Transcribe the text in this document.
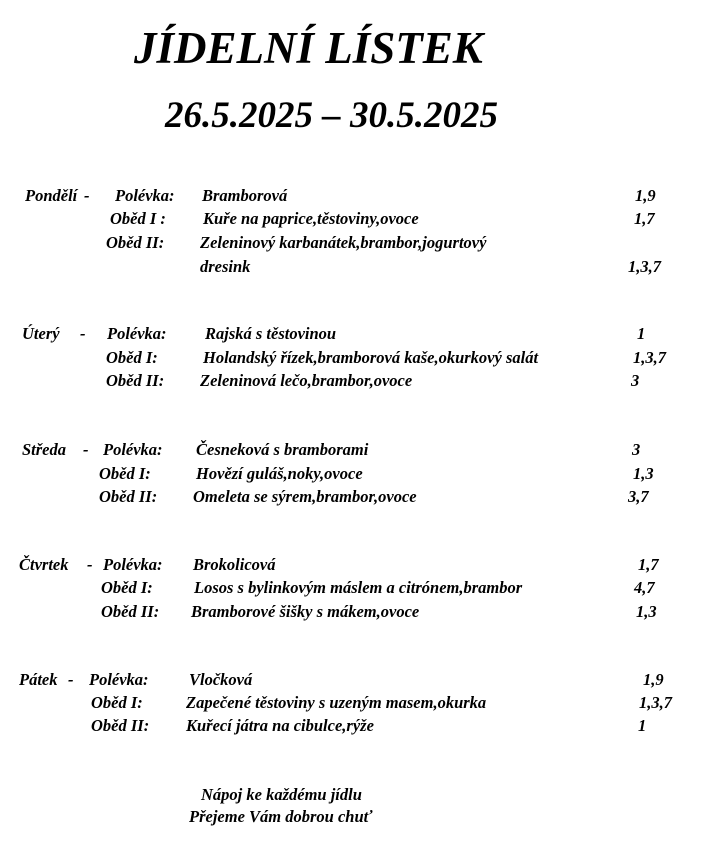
JÍDELNÍ LÍSTEK
26.5.2025 – 30.5.2025
Pondělí - Polévka: Bramborová	1,9
Oběd I : Kuře na paprice,těstoviny,ovoce	1,7
Oběd II: Zeleninový karbanátek,brambor,jogurtový
dresink	1,3,7
Úterý - Polévka: Rajská s těstovinou	1
Oběd I:	Holandský řízek,bramborová kaše,okurkový salát	1,3,7
Oběd II: Zeleninová lečo,brambor,ovoce	3
Středa - Polévka: Česneková s bramborami	3
Oběd I:	Hovězí guláš,noky,ovoce	1,3
Oběd II: Omeleta se sýrem,brambor,ovoce	3,7
Čtvrtek - Polévka: Brokolicová	1,7
Oběd I: Losos s bylinkovým máslem a citrónem,brambor	4,7
Oběd II: Bramborové šišky s mákem,ovoce	1,3
Pátek - Polévka: Vločková	1,9
Oběd I:	Zapečené těstoviny s uzeným masem,okurka	1,3,7
Oběd II: Kuřecí játra na cibulce,rýže	1
Nápoj ke každému jídlu
Přejeme Vám dobrou chuť
